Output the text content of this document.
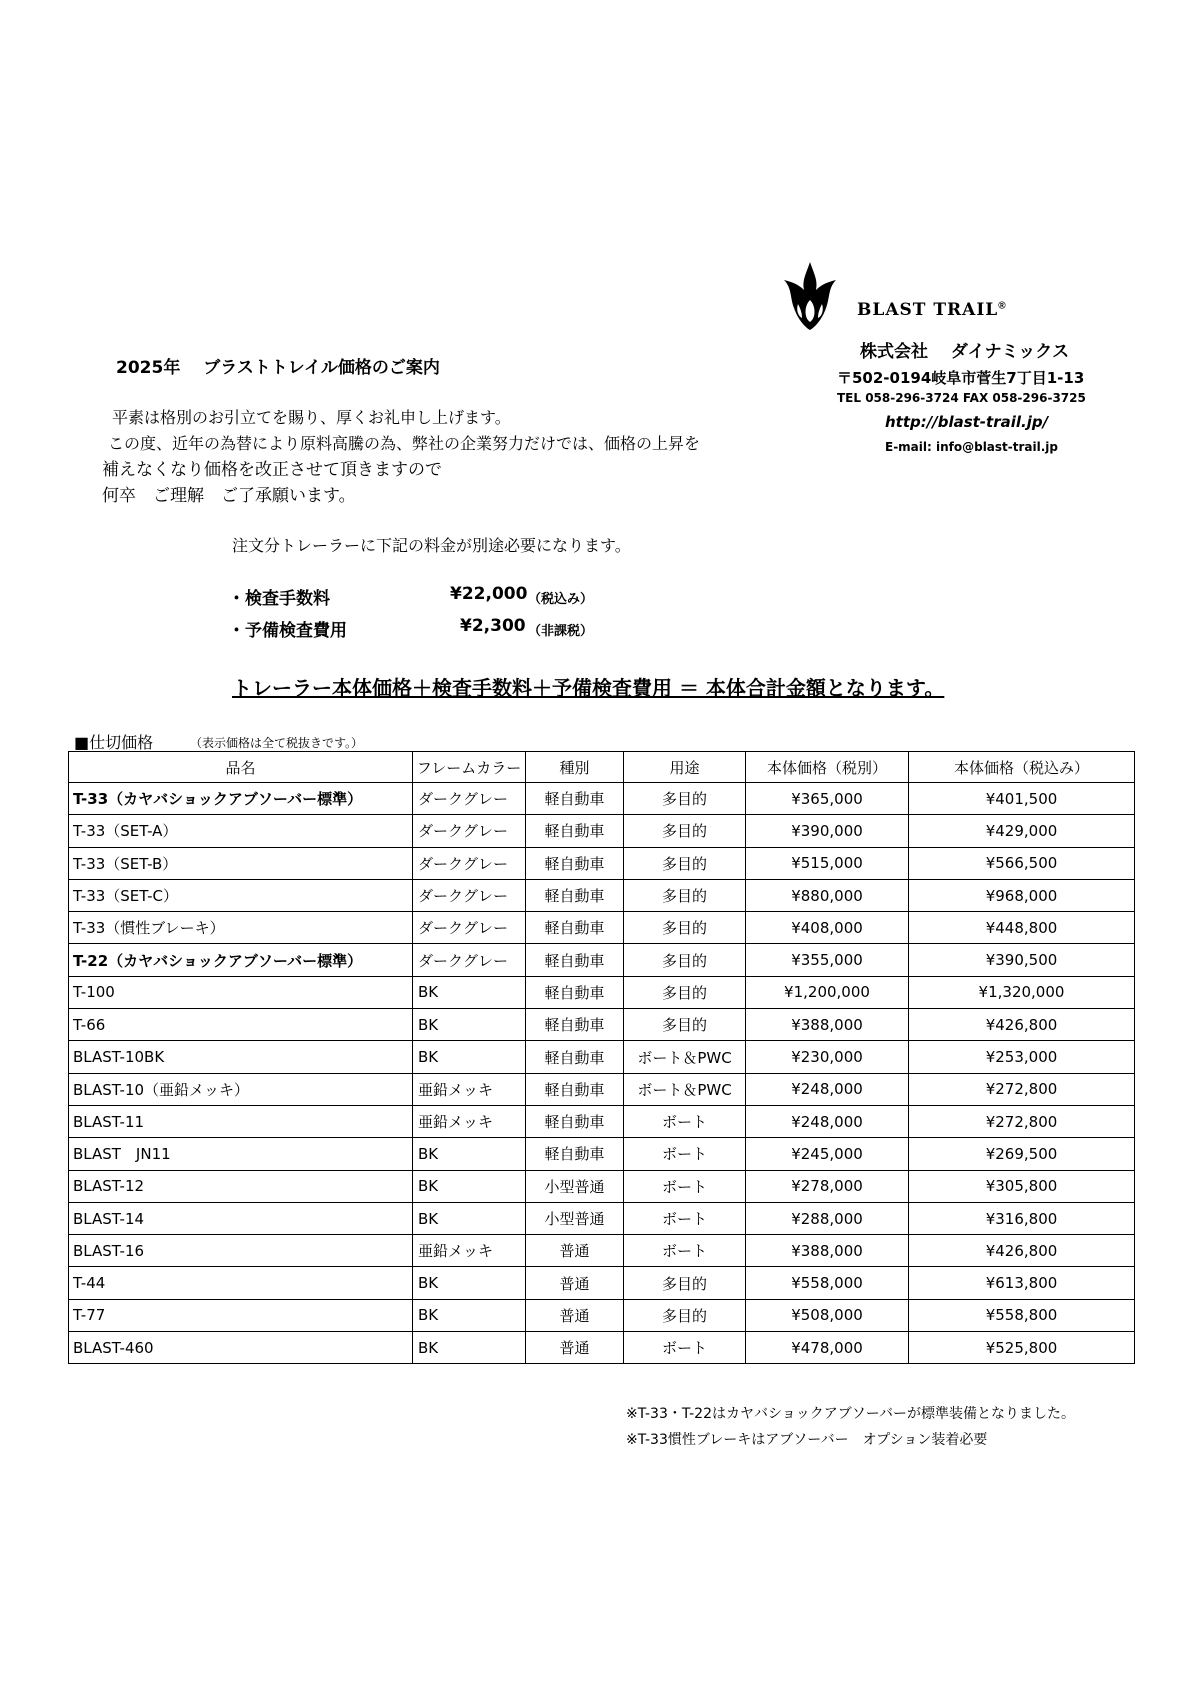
BLAST TRAIL®
株式会社　 ダイナミックス
〒502-0194岐阜市菅生7丁目1-13
TEL 058-296-3724 FAX 058-296-3725
http://blast-trail.jp/
E-mail: info@blast-trail.jp
2025年　 ブラストトレイル価格のご案内
平素は格別のお引立てを賜り、厚くお礼申し上げます。
この度、近年の為替により原料高騰の為、弊社の企業努力だけでは、価格の上昇を
補えなくなり価格を改正させて頂きますので
何卒　ご理解　ご了承願います。
注文分トレーラーに下記の料金が別途必要になります。
・検査手数料	¥22,000 （税込み）
・予備検査費用	¥2,300 （非課税）
トレーラー本体価格＋検査手数料＋予備検査費用 ＝ 本体合計金額となります。
■仕切価格	（表示価格は全て税抜きです。）
品名	フレームカラー	種別	用途	本体価格（税別）	本体価格（税込み）
T-33（カヤバショックアブソーバー標準）	ダークグレー	軽自動車	多目的	¥365,000	¥401,500
T-33（SET-A）	ダークグレー	軽自動車	多目的	¥390,000	¥429,000
T-33（SET-B）	ダークグレー	軽自動車	多目的	¥515,000	¥566,500
T-33（SET-C）	ダークグレー	軽自動車	多目的	¥880,000	¥968,000
T-33（慣性ブレーキ）	ダークグレー	軽自動車	多目的	¥408,000	¥448,800
T-22（カヤバショックアブソーバー標準）	ダークグレー	軽自動車	多目的	¥355,000	¥390,500
T-100	BK	軽自動車	多目的	¥1,200,000	¥1,320,000
T-66	BK	軽自動車	多目的	¥388,000	¥426,800
BLAST-10BK	BK	軽自動車	ボート＆PWC	¥230,000	¥253,000
BLAST-10（亜鉛メッキ）	亜鉛メッキ	軽自動車	ボート＆PWC	¥248,000	¥272,800
BLAST-11	亜鉛メッキ	軽自動車	ボート	¥248,000	¥272,800
BLAST　JN11	BK	軽自動車	ボート	¥245,000	¥269,500
BLAST-12	BK	小型普通	ボート	¥278,000	¥305,800
BLAST-14	BK	小型普通	ボート	¥288,000	¥316,800
BLAST-16	亜鉛メッキ	普通	ボート	¥388,000	¥426,800
T-44	BK	普通	多目的	¥558,000	¥613,800
T-77	BK	普通	多目的	¥508,000	¥558,800
BLAST-460	BK	普通	ボート	¥478,000	¥525,800
※T-33・T-22はカヤバショックアブソーバーが標準装備となりました。
※T-33慣性ブレーキはアブソーバー　オプション装着必要
